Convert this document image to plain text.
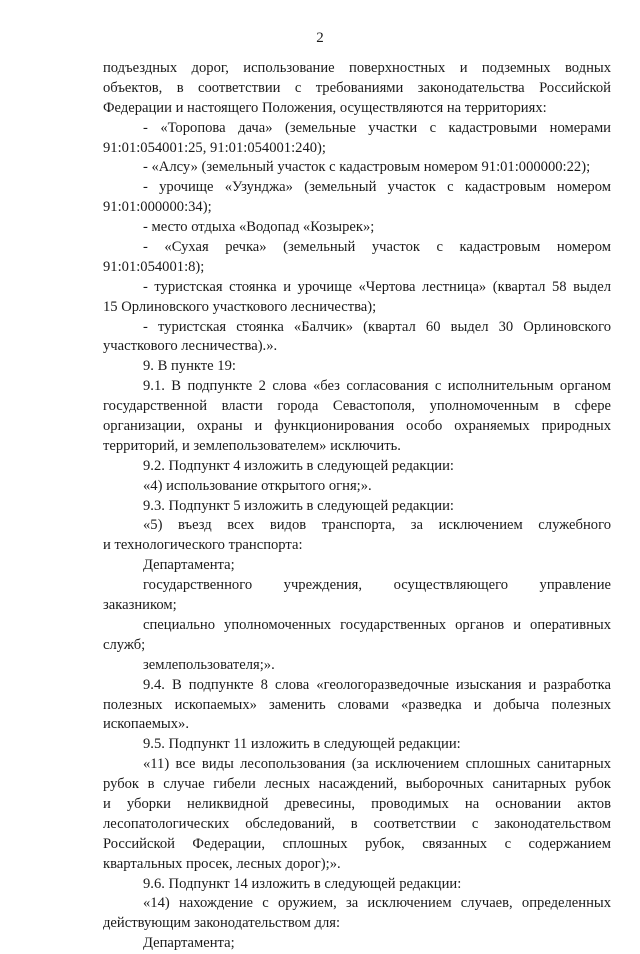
2
подъездных дорог, использование поверхностных и подземных водных
объектов, в соответствии с требованиями законодательства Российской
Федерации и настоящего Положения, осуществляются на территориях:
- «Торопова дача» (земельные участки с кадастровыми номерами
91:01:054001:25, 91:01:054001:240);
- «Алсу» (земельный участок с кадастровым номером 91:01:000000:22);
- урочище «Узунджа» (земельный участок с кадастровым номером
91:01:000000:34);
- место отдыха «Водопад «Козырек»;
- «Сухая речка» (земельный участок с кадастровым номером
91:01:054001:8);
- туристская стоянка и урочище «Чертова лестница» (квартал 58 выдел
15 Орлиновского участкового лесничества);
- туристская стоянка «Балчик» (квартал 60 выдел 30 Орлиновского
участкового лесничества).».
9. В пункте 19:
9.1. В подпункте 2 слова «без согласования с исполнительным органом
государственной власти города Севастополя, уполномоченным в сфере
организации, охраны и функционирования особо охраняемых природных
территорий, и землепользователем» исключить.
9.2. Подпункт 4 изложить в следующей редакции:
«4) использование открытого огня;».
9.3. Подпункт 5 изложить в следующей редакции:
«5) въезд всех видов транспорта, за исключением служебного
и технологического транспорта:
Департамента;
государственного учреждения, осуществляющего управление
заказником;
специально уполномоченных государственных органов и оперативных
служб;
землепользователя;».
9.4. В подпункте 8 слова «геологоразведочные изыскания и разработка
полезных ископаемых» заменить словами «разведка и добыча полезных
ископаемых».
9.5. Подпункт 11 изложить в следующей редакции:
«11) все виды лесопользования (за исключением сплошных санитарных
рубок в случае гибели лесных насаждений, выборочных санитарных рубок
и уборки неликвидной древесины, проводимых на основании актов
лесопатологических обследований, в соответствии с законодательством
Российской Федерации, сплошных рубок, связанных с содержанием
квартальных просек, лесных дорог);».
9.6. Подпункт 14 изложить в следующей редакции:
«14) нахождение с оружием, за исключением случаев, определенных
действующим законодательством для:
Департамента;
